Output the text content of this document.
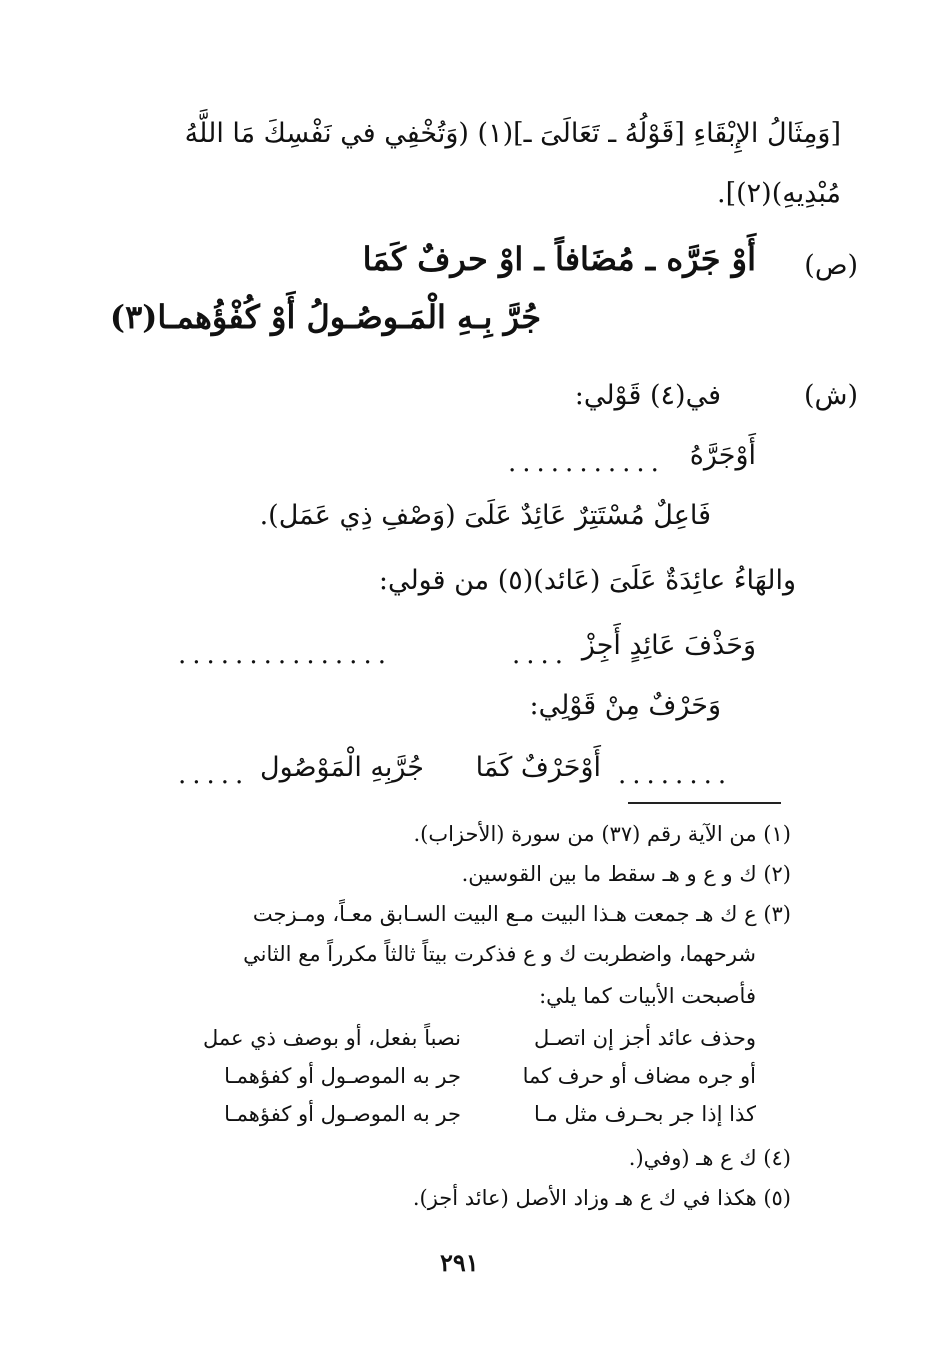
[وَمِثَالُ الإِبْقَاءِ [قَوْلُهُ ـ تَعَالَىَ ـ](١) (وَتُخْفِي في نَفْسِكَ مَا اللَّهُ
مُبْدِيهِ)(٢)].
(ص)
أَوْ جَرَّه ـ مُضَافاً ـ اوْ حرفٌ كَمَا
جُرَّ بِـهِ الْمَـوصُـولُ أَوْ كُفْؤُهمـا(٣)
(ش)
في(٤) قَوْلي:
أَوْجَرَّهُ
...........
فَاعِلٌ مُسْتَتِرٌ عَائِدٌ عَلَىَ (وَصْفِ ذِي عَمَل).
والهَاءُ عائِدَةٌ عَلَىَ (عَائد)(٥) من قولي:
وَحَذْفَ عَائِدٍ أَجِزْ
....
...............
وَحَرْفٌ مِنْ قَوْلِي:
........
أَوْحَرْفٌ كَمَا
جُرَّبِهِ الْمَوْصُول
.....
(١) من الآية رقم (٣٧) من سورة (الأحزاب).
(٢) ك و ع و هـ سقط ما بين القوسين.
(٣) ع ك هـ جمعت هـذا البيت مـع البيت السـابق معـاً، ومـزجت
شرحهما، واضطربت ك و ع فذكرت بيتاً ثالثاً مكرراً مع الثاني
فأصبحت الأبيات كما يلي:
وحذف عائد أجز إن اتصـل
نصباً بفعل، أو بوصف ذي عمل
أو جره مضاف أو حرف كما
جر به الموصـول أو كفؤهمـا
كذا إذا جر بحـرف مثل مـا
جر به الموصـول أو كفؤهمـا
(٤) ك ع هـ (وفي(.
(٥) هكذا في ك ع هـ وزاد الأصل (عائد أجز).
٢٩١
